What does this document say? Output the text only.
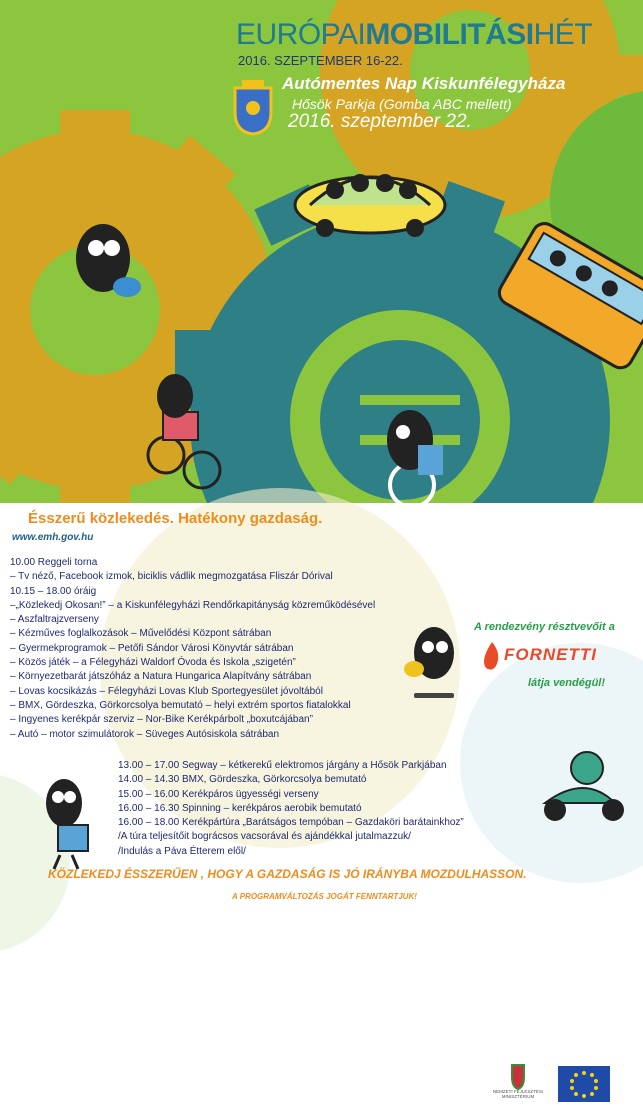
EURÓPAIMOBILITÁSIHÉT
2016. SZEPTEMBER 16-22.
Autómentes Nap Kiskunfélegyháza
Hősök Parkja (Gomba ABC mellett)
2016. szeptember 22.
NEMZETI FEJLESZTÉSI MINISZTÉRIUM
Ésszerű közlekedés. Hatékony gazdaság.
www.emh.gov.hu
10.00 Reggeli torna
– Tv néző, Facebook izmok, biciklis vádlik megmozgatása Fliszár Dórival
10.15 – 18.00 óráig
–„Közlekedj Okosan!” – a Kiskunfélegyházi Rendőrkapitányság közreműködésével
– Aszfaltrajzverseny
– Kézműves foglalkozások – Művelődési Központ sátrában
– Gyermekprogramok – Petőfi Sándor Városi Könyvtár sátrában
– Közös játék – a Félegyházi Waldorf Óvoda és Iskola „szigetén”
– Környezetbarát játszóház a Natura Hungarica Alapítvány sátrában
– Lovas kocsikázás – Félegyházi Lovas Klub Sportegyesület jóvoltából
– BMX, Gördeszka, Görkorcsolya bemutató – helyi extrém sportos fiatalokkal
– Ingyenes kerékpár szerviz – Nor-Bike Kerékpárbolt „boxutcájában”
– Autó – motor szimulátorok – Süveges Autósiskola sátrában
13.00 – 17.00 Segway – kétkerekű elektromos járgány a Hősök Parkjában
14.00 – 14.30 BMX, Gördeszka, Görkorcsolya bemutató
15.00 – 16.00 Kerékpáros ügyességi verseny
16.00 – 16.30 Spinning – kerékpáros aerobik bemutató
16.00 – 18.00 Kerékpártúra „Barátságos tempóban – Gazdaköri barátainkhoz”
/A túra teljesítőit bográcsos vacsorával és ajándékkal jutalmazzuk/
/Indulás a Páva Étterem elől/
A rendezvény résztvevőit a
FORNETTI
látja vendégül!
KÖZLEKEDJ ÉSSZERŰEN , HOGY A GAZDASÁG IS JÓ IRÁNYBA MOZDULHASSON.
A PROGRAMVÁLTOZÁS JOGÁT FENNTARTJUK!
